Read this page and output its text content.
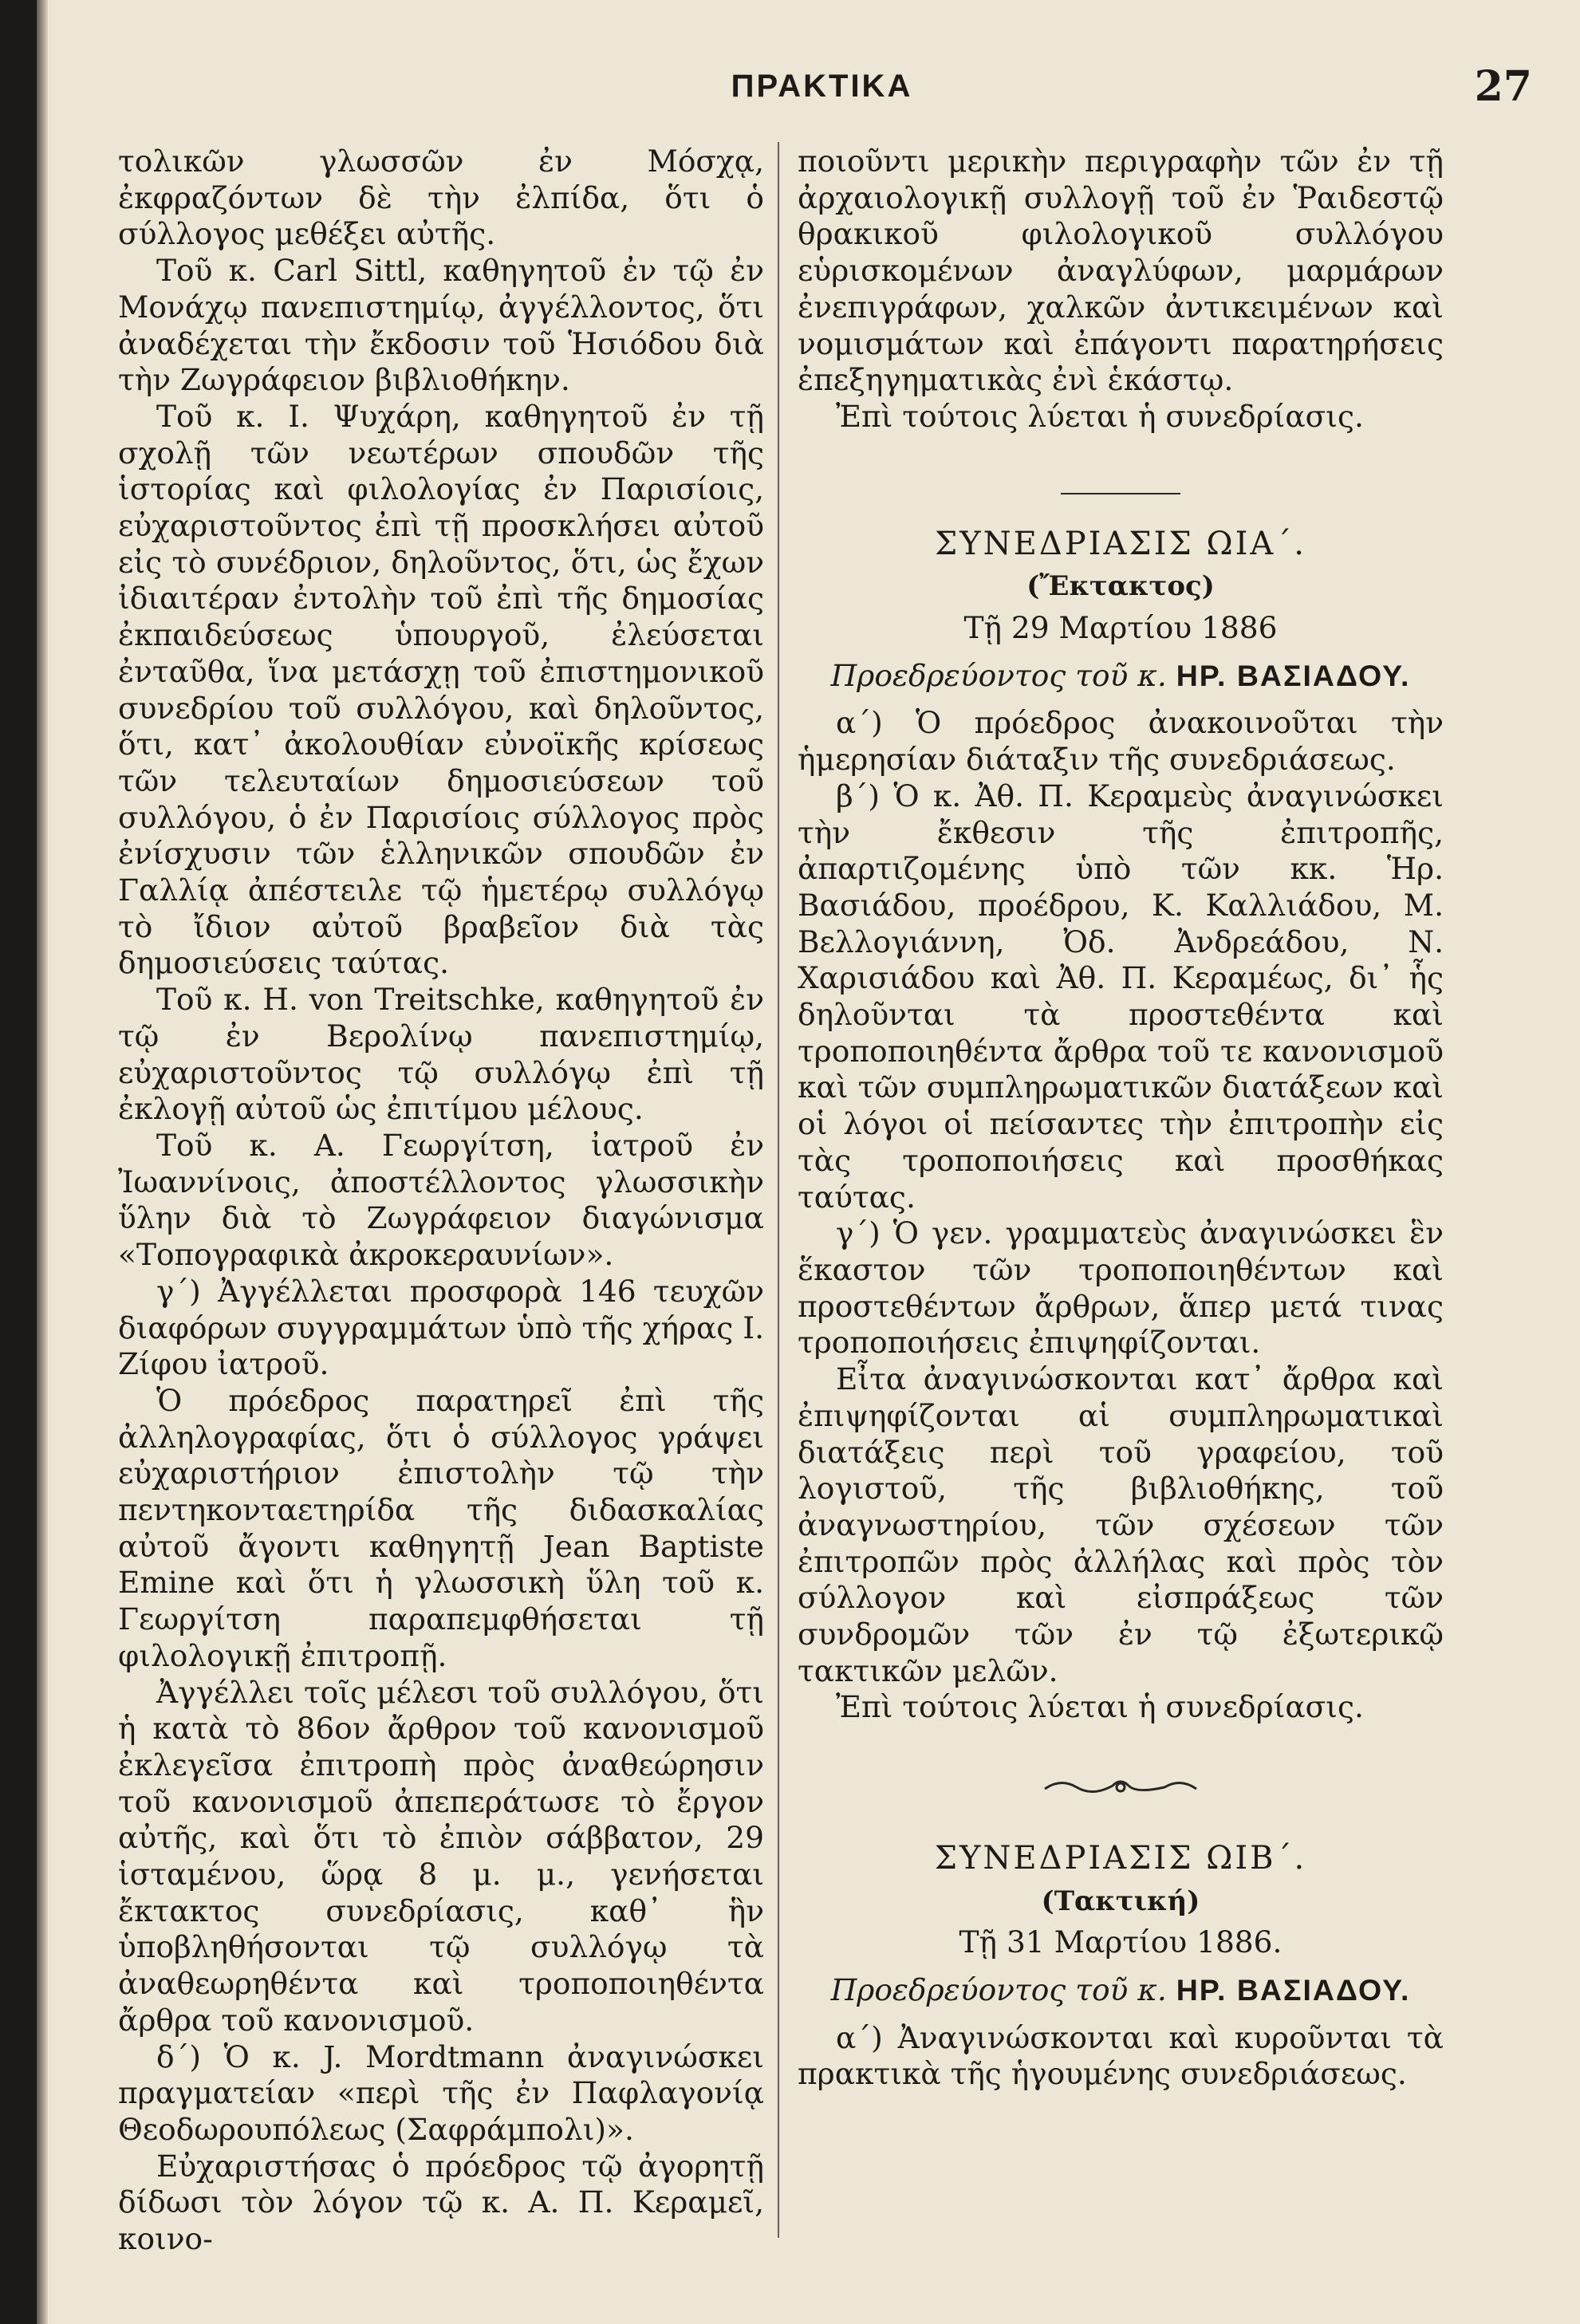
ΠΡΑΚΤΙΚΑ	27

τολικῶν γλωσσῶν ἐν Μόσχᾳ, ἐκφραζόντων δὲ τὴν ἐλπίδα, ὅτι ὁ σύλλογος μεθέξει αὐτῆς.

Τοῦ κ. Carl Sittl, καθηγητοῦ ἐν τῷ ἐν Μονάχῳ πανεπιστημίῳ, ἀγγέλλοντος, ὅτι ἀναδέχεται τὴν ἔκδοσιν τοῦ Ἡσιόδου διὰ τὴν Ζωγράφειον βιβλιοθήκην.

Τοῦ κ. Ι. Ψυχάρη, καθηγητοῦ ἐν τῇ σχολῇ τῶν νεωτέρων σπουδῶν τῆς ἱστορίας καὶ φιλολογίας ἐν Παρισίοις, εὐχαριστοῦντος ἐπὶ τῇ προσκλήσει αὐτοῦ εἰς τὸ συνέδριον, δηλοῦντος, ὅτι, ὡς ἔχων ἰδιαιτέραν ἐντολὴν τοῦ ἐπὶ τῆς δημοσίας ἐκπαιδεύσεως ὑπουργοῦ, ἐλεύσεται ἐνταῦθα, ἵνα μετάσχῃ τοῦ ἐπιστημονικοῦ συνεδρίου τοῦ συλλόγου, καὶ δηλοῦντος, ὅτι, κατ᾽ ἀκολουθίαν εὐνοϊκῆς κρίσεως τῶν τελευταίων δημοσιεύσεων τοῦ συλλόγου, ὁ ἐν Παρισίοις σύλλογος πρὸς ἐνίσχυσιν τῶν ἑλληνικῶν σπουδῶν ἐν Γαλλίᾳ ἀπέστειλε τῷ ἡμετέρῳ συλλόγῳ τὸ ἴδιον αὐτοῦ βραβεῖον διὰ τὰς δημοσιεύσεις ταύτας.

Τοῦ κ. H. von Treitschke, καθηγητοῦ ἐν τῷ ἐν Βερολίνῳ πανεπιστημίῳ, εὐχαριστοῦντος τῷ συλλόγῳ ἐπὶ τῇ ἐκλογῇ αὐτοῦ ὡς ἐπιτίμου μέλους.

Τοῦ κ. Α. Γεωργίτση, ἰατροῦ ἐν Ἰωαννίνοις, ἀποστέλλοντος γλωσσικὴν ὕλην διὰ τὸ Ζωγράφειον διαγώνισμα «Τοπογραφικὰ ἀκροκεραυνίων».

γ΄) Ἀγγέλλεται προσφορὰ 146 τευχῶν διαφόρων συγγραμμάτων ὑπὸ τῆς χήρας Ι. Ζίφου ἰατροῦ.

Ὁ πρόεδρος παρατηρεῖ ἐπὶ τῆς ἀλληλογραφίας, ὅτι ὁ σύλλογος γράψει εὐχαριστήριον ἐπιστολὴν τῷ τὴν πεντηκονταετηρίδα τῆς διδασκαλίας αὐτοῦ ἄγοντι καθηγητῇ Jean Baptiste Emine καὶ ὅτι ἡ γλωσσικὴ ὕλη τοῦ κ. Γεωργίτση παραπεμφθήσεται τῇ φιλολογικῇ ἐπιτροπῇ.

Ἀγγέλλει τοῖς μέλεσι τοῦ συλλόγου, ὅτι ἡ κατὰ τὸ 86ον ἄρθρον τοῦ κανονισμοῦ ἐκλεγεῖσα ἐπιτροπὴ πρὸς ἀναθεώρησιν τοῦ κανονισμοῦ ἀπεπεράτωσε τὸ ἔργον αὐτῆς, καὶ ὅτι τὸ ἐπιὸν σάββατον, 29 ἱσταμένου, ὥρᾳ 8 μ. μ., γενήσεται ἔκτακτος συνεδρίασις, καθ᾽ ἣν ὑποβληθήσονται τῷ συλλόγῳ τὰ ἀναθεωρηθέντα καὶ τροποποιηθέντα ἄρθρα τοῦ κανονισμοῦ.

δ΄) Ὁ κ. J. Mordtmann ἀναγινώσκει πραγματείαν «περὶ τῆς ἐν Παφλαγονίᾳ Θεοδωρουπόλεως (Σαφράμπολι)».

Εὐχαριστήσας ὁ πρόεδρος τῷ ἀγορητῇ δίδωσι τὸν λόγον τῷ κ. Α. Π. Κεραμεῖ, κοινο-

ποιοῦντι μερικὴν περιγραφὴν τῶν ἐν τῇ ἀρχαιολογικῇ συλλογῇ τοῦ ἐν Ῥαιδεστῷ θρακικοῦ φιλολογικοῦ συλλόγου εὑρισκομένων ἀναγλύφων, μαρμάρων ἐνεπιγράφων, χαλκῶν ἀντικειμένων καὶ νομισμάτων καὶ ἐπάγοντι παρατηρήσεις ἐπεξηγηματικὰς ἐνὶ ἑκάστῳ.

Ἐπὶ τούτοις λύεται ἡ συνεδρίασις.

ΣΥΝΕΔΡΙΑΣΙΣ ΩΙΑ΄.

(Ἔκτακτος)

Τῇ 29 Μαρτίου 1886

Προεδρεύοντος τοῦ κ. ΗΡ. ΒΑΣΙΑΔΟΥ.

α΄) Ὁ πρόεδρος ἀνακοινοῦται τὴν ἡμερησίαν διάταξιν τῆς συνεδριάσεως.

β΄) Ὁ κ. Ἀθ. Π. Κεραμεὺς ἀναγινώσκει τὴν ἔκθεσιν τῆς ἐπιτροπῆς, ἀπαρτιζομένης ὑπὸ τῶν κκ. Ἡρ. Βασιάδου, προέδρου, Κ. Καλλιάδου, Μ. Βελλογιάννη, Ὀδ. Ἀνδρεάδου, Ν. Χαρισιάδου καὶ Ἀθ. Π. Κεραμέως, δι᾽ ἧς δηλοῦνται τὰ προστεθέντα καὶ τροποποιηθέντα ἄρθρα τοῦ τε κανονισμοῦ καὶ τῶν συμπληρωματικῶν διατάξεων καὶ οἱ λόγοι οἱ πείσαντες τὴν ἐπιτροπὴν εἰς τὰς τροποποιήσεις καὶ προσθήκας ταύτας.

γ΄) Ὁ γεν. γραμματεὺς ἀναγινώσκει ἓν ἕκαστον τῶν τροποποιηθέντων καὶ προστεθέντων ἄρθρων, ἅπερ μετά τινας τροποποιήσεις ἐπιψηφίζονται.

Εἶτα ἀναγινώσκονται κατ᾽ ἄρθρα καὶ ἐπιψηφίζονται αἱ συμπληρωματικαὶ διατάξεις περὶ τοῦ γραφείου, τοῦ λογιστοῦ, τῆς βιβλιοθήκης, τοῦ ἀναγνωστηρίου, τῶν σχέσεων τῶν ἐπιτροπῶν πρὸς ἀλλήλας καὶ πρὸς τὸν σύλλογον καὶ εἰσπράξεως τῶν συνδρομῶν τῶν ἐν τῷ ἐξωτερικῷ τακτικῶν μελῶν.

Ἐπὶ τούτοις λύεται ἡ συνεδρίασις.

ΣΥΝΕΔΡΙΑΣΙΣ ΩΙΒ΄.

(Τακτική)

Τῇ 31 Μαρτίου 1886.

Προεδρεύοντος τοῦ κ. ΗΡ. ΒΑΣΙΑΔΟΥ.

α΄) Ἀναγινώσκονται καὶ κυροῦνται τὰ πρακτικὰ τῆς ἡγουμένης συνεδριάσεως.
